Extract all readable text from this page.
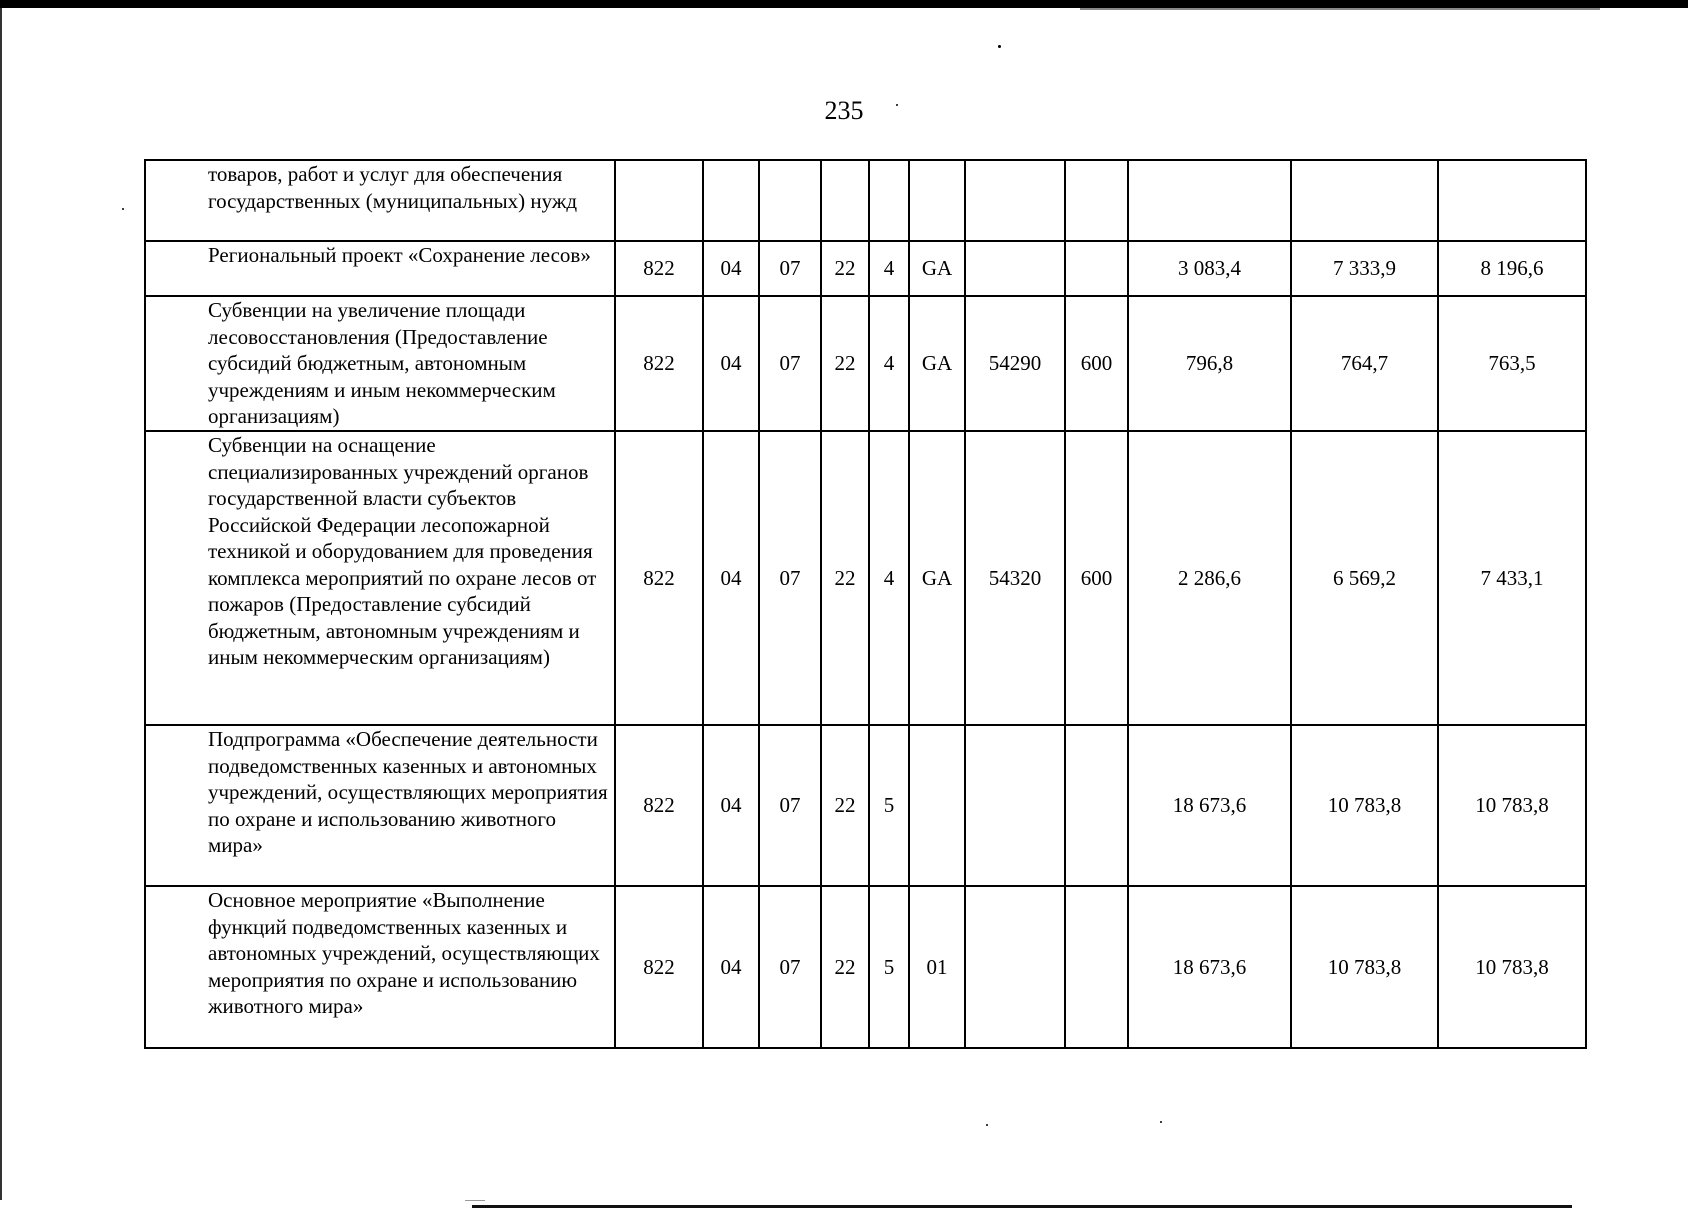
235
товаров, работ и услуг для обеспечения государственных (муниципальных) нужд											
Региональный проект «Сохранение лесов»	822	04	07	22	4	GA			3 083,4	7 333,9	8 196,6
Субвенции на увеличение площади лесовосстановления (Предоставление субсидий бюджетным, автономным учреждениям и иным некоммерческим организациям)	822	04	07	22	4	GA	54290	600	796,8	764,7	763,5
Субвенции на оснащение специализированных учреждений органов государственной власти субъектов Российской Федерации лесопожарной техникой и оборудованием для проведения комплекса мероприятий по охране лесов от пожаров (Предоставление субсидий бюджетным, автономным учреждениям и иным некоммерческим организациям)	822	04	07	22	4	GA	54320	600	2 286,6	6 569,2	7 433,1
Подпрограмма «Обеспечение деятельности подведомственных казенных и автономных учреждений, осуществляющих мероприятия по охране и использованию животного мира»	822	04	07	22	5				18 673,6	10 783,8	10 783,8
Основное мероприятие «Выполнение функций подведомственных казенных и автономных учреждений, осуществляющих мероприятия по охране и использованию животного мира»	822	04	07	22	5	01			18 673,6	10 783,8	10 783,8
